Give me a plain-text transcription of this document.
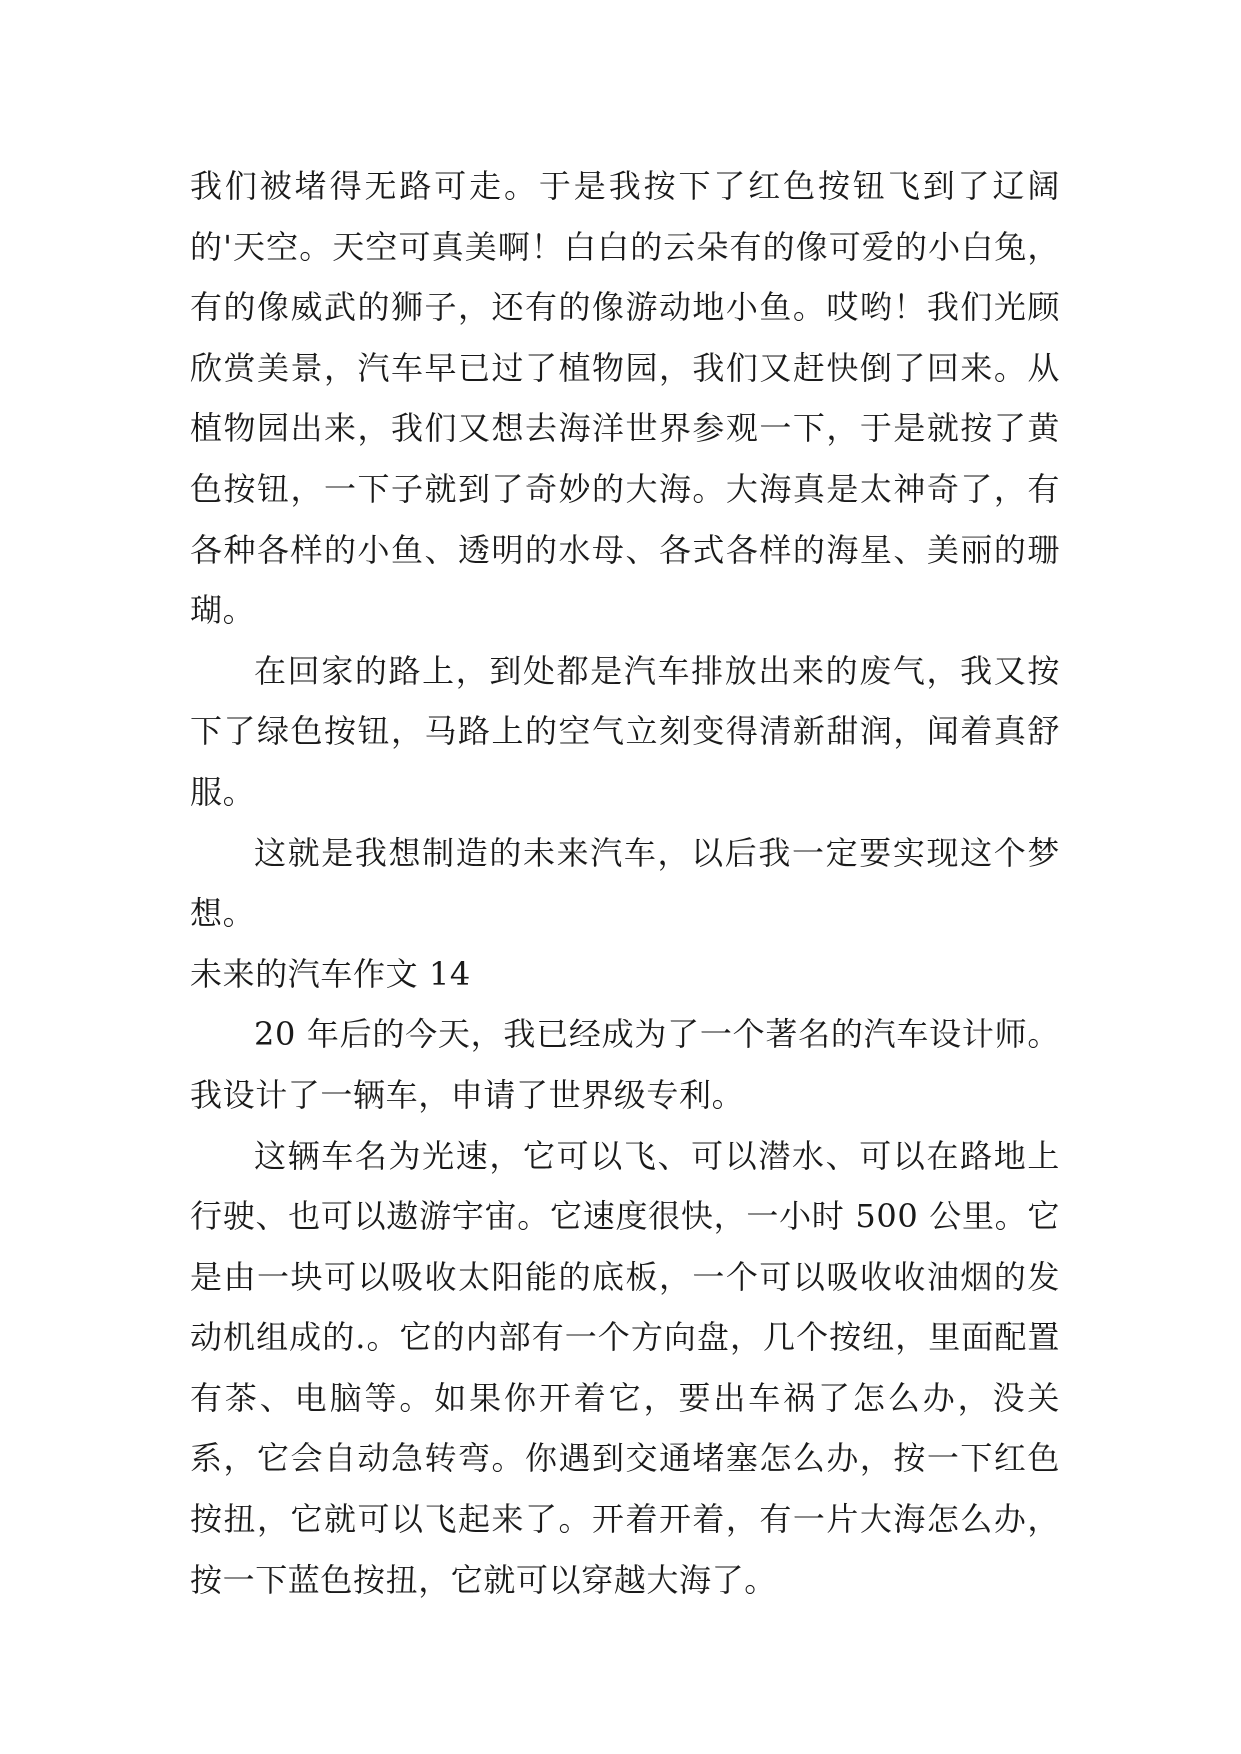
我们被堵得无路可走。于是我按下了红色按钮飞到了辽阔的'天空。天空可真美啊！白白的云朵有的像可爱的小白兔，有的像威武的狮子，还有的像游动地小鱼。哎哟！我们光顾欣赏美景，汽车早已过了植物园，我们又赶快倒了回来。从植物园出来，我们又想去海洋世界参观一下，于是就按了黄色按钮，一下子就到了奇妙的大海。大海真是太神奇了，有各种各样的小鱼、透明的水母、各式各样的海星、美丽的珊瑚。

在回家的路上，到处都是汽车排放出来的废气，我又按下了绿色按钮，马路上的空气立刻变得清新甜润，闻着真舒服。

这就是我想制造的未来汽车，以后我一定要实现这个梦想。

未来的汽车作文 14

20 年后的今天，我已经成为了一个著名的汽车设计师。我设计了一辆车，申请了世界级专利。

这辆车名为光速，它可以飞、可以潜水、可以在路地上行驶、也可以遨游宇宙。它速度很快，一小时 500 公里。它是由一块可以吸收太阳能的底板，一个可以吸收收油烟的发动机组成的.。它的内部有一个方向盘，几个按纽，里面配置有茶、电脑等。如果你开着它，要出车祸了怎么办，没关系，它会自动急转弯。你遇到交通堵塞怎么办，按一下红色按扭，它就可以飞起来了。开着开着，有一片大海怎么办，按一下蓝色按扭，它就可以穿越大海了。
